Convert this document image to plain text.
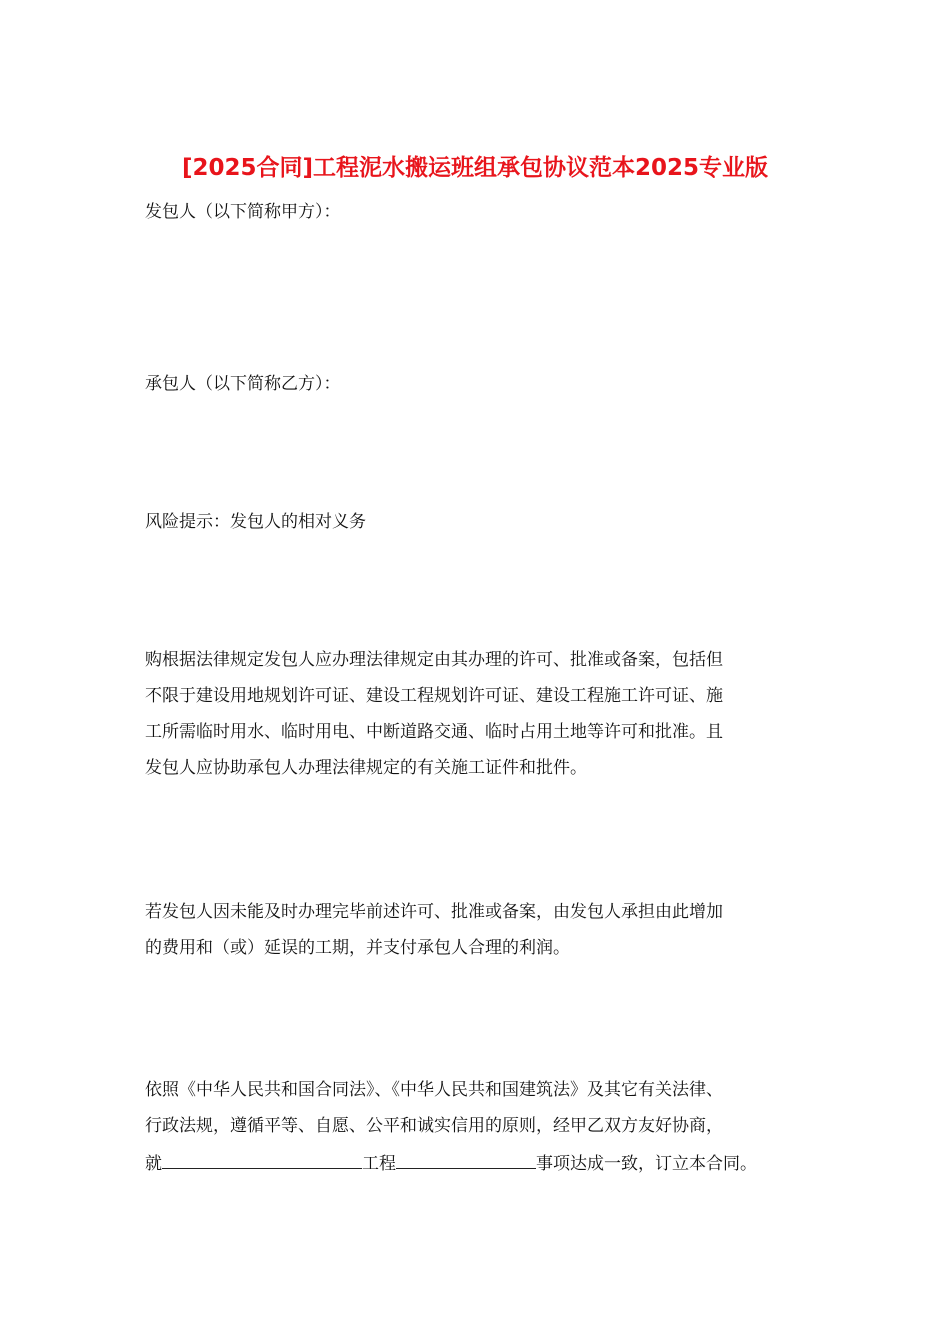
[2025合同]工程泥水搬运班组承包协议范本2025专业版
发包人（以下简称甲方）：
承包人（以下简称乙方）：
风险提示：发包人的相对义务
购根据法律规定发包人应办理法律规定由其办理的许可、批准或备案，包括但
不限于建设用地规划许可证、建设工程规划许可证、建设工程施工许可证、施
工所需临时用水、临时用电、中断道路交通、临时占用土地等许可和批准。且
发包人应协助承包人办理法律规定的有关施工证件和批件。
若发包人因未能及时办理完毕前述许可、批准或备案，由发包人承担由此增加
的费用和（或）延误的工期，并支付承包人合理的利润。
依照《中华人民共和国合同法》、《中华人民共和国建筑法》及其它有关法律、
行政法规，遵循平等、自愿、公平和诚实信用的原则，经甲乙双方友好协商，
就	工程	事项达成一致，订立本合同。
